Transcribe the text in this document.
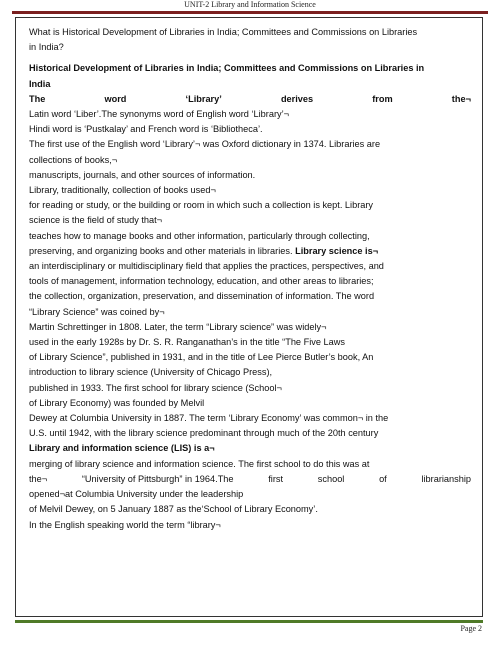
UNIT-2 Library and Information Science
What is Historical Development of Libraries in India; Committees and Commissions on Libraries
in India?
Historical Development of Libraries in India; Committees and Commissions on Libraries in
India
The	word	‘Library’	derives	from	the¬
Latin word ‘Liber’.The synonyms word of English word ‘Library’¬
Hindi word is ‘Pustkalay’ and French word is ‘Bibliotheca’.
The first use of the English word ‘Library’¬ was Oxford dictionary in 1374. Libraries are
collections of books,¬
manuscripts, journals, and other sources of information.
Library, traditionally, collection of books used¬
for reading or study, or the building or room in which such a collection is kept. Library
science is the field of study that¬
teaches how to manage books and other information, particularly through collecting,
preserving, and organizing books and other materials in libraries. Library science is¬
an interdisciplinary or multidisciplinary field that applies the practices, perspectives, and
tools of management, information technology, education, and other areas to libraries;
the collection, organization, preservation, and dissemination of information. The word
“Library Science” was coined by¬
Martin Schrettinger in 1808. Later, the term “Library science” was widely¬
used in the early 1928s by Dr. S. R. Ranganathan’s in the title “The Five Laws
of Library Science”, published in 1931, and in the title of Lee Pierce Butler’s book, An
introduction to library science (University of Chicago Press),
published in 1933. The first school for library science (School¬
of Library Economy) was founded by Melvil
Dewey at Columbia University in 1887. The term ‘Library Economy’ was common¬ in the
U.S. until 1942, with the library science predominant through much of the 20th century
Library and information science (LIS) is a¬
merging of library science and information science. The first school to do this was at
the¬	“University of Pittsburgh” in 1964.The	first	school	of	librarianship
opened¬at Columbia University under the leadership
of Melvil Dewey, on 5 January 1887 as the‘School of Library Economy’.
In the English speaking world the term “library¬
Page 2
